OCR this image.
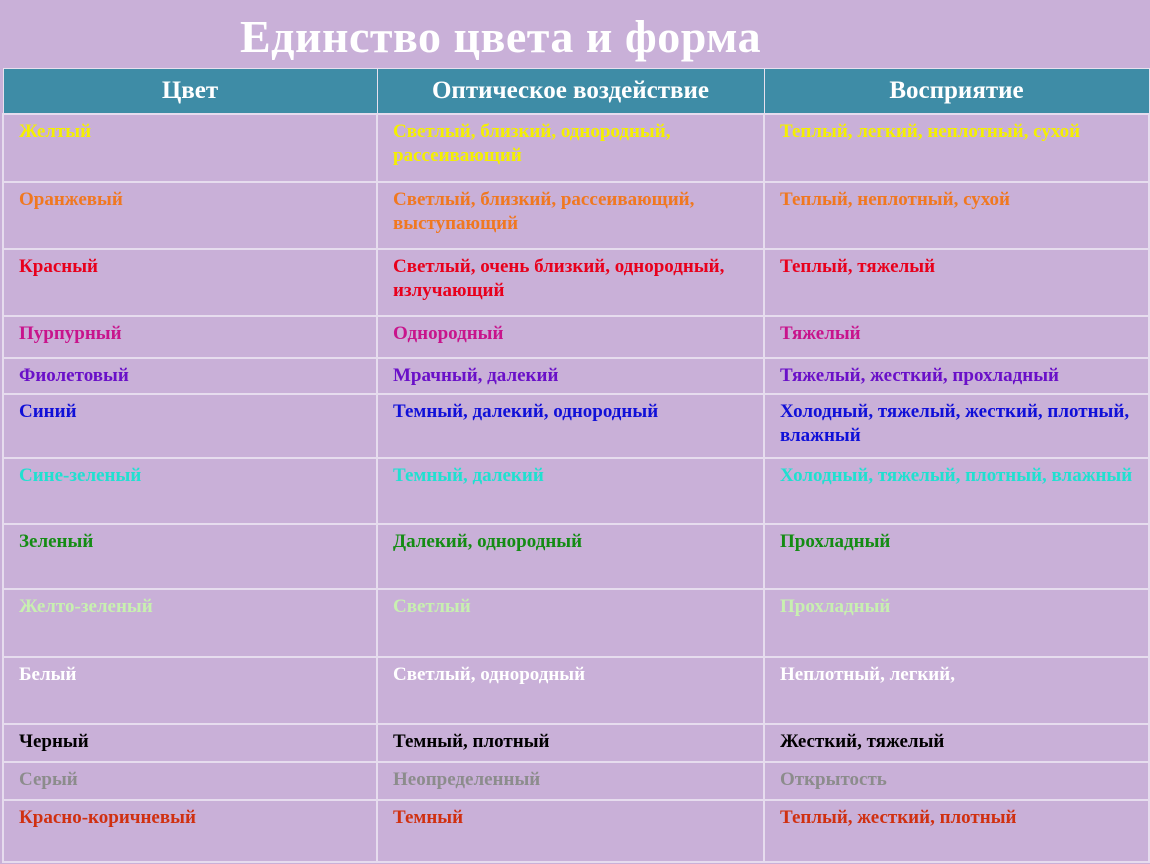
Единство цвета и форма
Цвет	Оптическое воздействие	Восприятие
Желтый	Светлый, близкий, однородный, рассеивающий	Теплый, легкий, неплотный, сухой
Оранжевый	Светлый, близкий, рассеивающий, выступающий	Теплый, неплотный, сухой
Красный	Светлый, очень близкий, однородный, излучающий	Теплый, тяжелый
Пурпурный	Однородный	Тяжелый
Фиолетовый	Мрачный, далекий	Тяжелый, жесткий, прохладный
Синий	Темный, далекий, однородный	Холодный, тяжелый, жесткий, плотный, влажный
Сине-зеленый	Темный, далекий	Холодный, тяжелый, плотный, влажный
Зеленый	Далекий, однородный	Прохладный
Желто-зеленый	Светлый	Прохладный
Белый	Светлый, однородный	Неплотный, легкий,
Черный	Темный, плотный	Жесткий, тяжелый
Серый	Неопределенный	Открытость
Красно-коричневый	Темный	Теплый, жесткий, плотный
